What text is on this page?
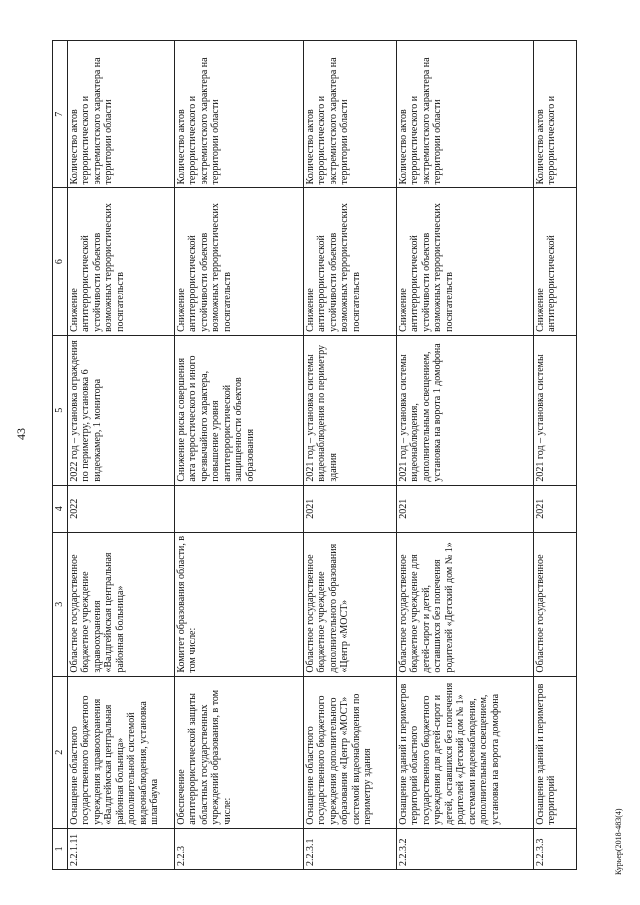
43
Курьер(2018-483(4)
1	2	3	4	5	6	7
2.2.1.11	Оснащение областного государственного бюджетного учреждения здравоохранения «Валдгеймская центральная районная больница» дополнительной системой видеонаблюдения, установка шлагбаума	Областное государственное бюджетное учреждение здравоохранения «Валдгеймская центральная районная больница»	2022	2022 год – установка ограждения по периметру, установка 6 видеокамер, 1 монитора	Снижение антитеррористической устойчивости объектов возможных террористических посягательств	Количество актов террористического и экстремистского характера на территории области
2.2.3	Обеспечение антитеррористической защиты областных государственных учреждений образования, в том числе:	Комитет образования области, в том числе:		Снижение риска совершения акта терростического и иного чрезвычайного характера, повышение уровня антитеррористической защищенности объектов образования	Снижение антитеррористической устойчивости объектов возможных террористических посягательств	Количество актов террористического и экстремистского характера на территории области
2.2.3.1	Оснащение областного государственного бюджетного учреждения дополнительного образования «Центр «МОСТ» системой видеонаблюдения по периметру здания	Областное государственное бюджетное учреждение дополнительного образования «Центр «МОСТ»	2021	2021 год – установка системы видеонаблюдения по периметру здания	Снижение антитеррористической устойчивости объектов возможных террористических посягательств	Количество актов террористического и экстремистского характера на территории области
2.2.3.2	Оснащение зданий и периметров территорий областного государственного бюджетного учреждения для детей-сирот и детей, оставшихся без попечения родителей «Детский дом № 1» системами видеонаблюдения, дополнительным освещением, установка на ворота домофона	Областное государственное бюджетное учреждение для детей-сирот и детей, оставшихся без попечения родителей «Детский дом № 1»	2021	2021 год – установка системы видеонаблюдения, дополнительным освещением, установка на ворота 1 домофона	Снижение антитеррористической устойчивости объектов возможных террористических посягательств	Количество актов террористического и экстремистского характера на территории области
2.2.3.3	Оснащение зданий и периметров территорий	Областное государственное	2021	2021 год – установка системы	Снижение антитеррористической	Количество актов террористического и
